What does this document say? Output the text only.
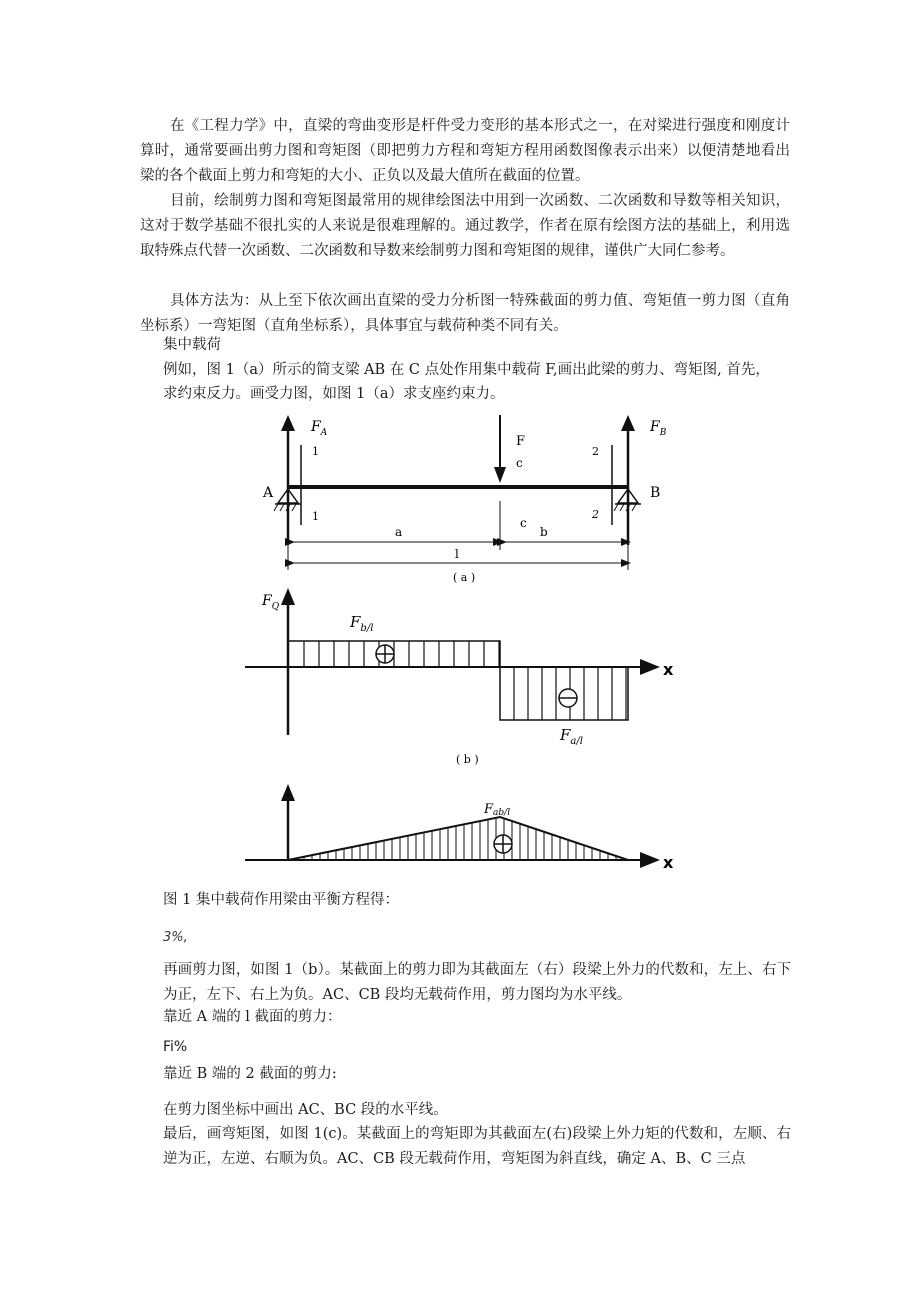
在《工程力学》中，直梁的弯曲变形是杆件受力变形的基本形式之一，在对梁进行强度和刚度计算时，通常要画出剪力图和弯矩图（即把剪力方程和弯矩方程用函数图像表示出来）以便清楚地看出梁的各个截面上剪力和弯矩的大小、正负以及最大值所在截面的位置。

目前，绘制剪力图和弯矩图最常用的规律绘图法中用到一次函数、二次函数和导数等相关知识，这对于数学基础不很扎实的人来说是很难理解的。通过教学，作者在原有绘图方法的基础上，利用选取特殊点代替一次函数、二次函数和导数来绘制剪力图和弯矩图的规律，谨供广大同仁参考。

具体方法为：从上至下依次画出直梁的受力分析图一特殊截面的剪力值、弯矩值一剪力图（直角坐标系）一弯矩图（直角坐标系），具体事宜与载荷种类不同有关。

集中载荷

例如，图 1（a）所示的简支梁 AB 在 C 点处作用集中载荷 F,画出此梁的剪力、弯矩图, 首先，

求约束反力。画受力图，如图 1（a）求支座约束力。

$F_A$	$F_B$
F
c
A	B
1
1
2
2
c
a	b
l
( a )
$F_Q$
$F_{b/l}$
$F_{a/l}$
x
( b )
Fab/l
x

图 1 集中载荷作用梁由平衡方程得：

3%,

再画剪力图，如图 1（b）。某截面上的剪力即为其截面左（右）段梁上外力的代数和，左上、右下为正，左下、右上为负。AC、CB 段均无载荷作用，剪力图均为水平线。

靠近 A 端的 l 截面的剪力：

Fi%

靠近 B 端的 2 截面的剪力:

在剪力图坐标中画出 AC、BC 段的水平线。

最后，画弯矩图，如图 1(c)。某截面上的弯矩即为其截面左(右)段梁上外力矩的代数和，左顺、右逆为正，左逆、右顺为负。AC、CB 段无载荷作用，弯矩图为斜直线，确定 A、B、C 三点
